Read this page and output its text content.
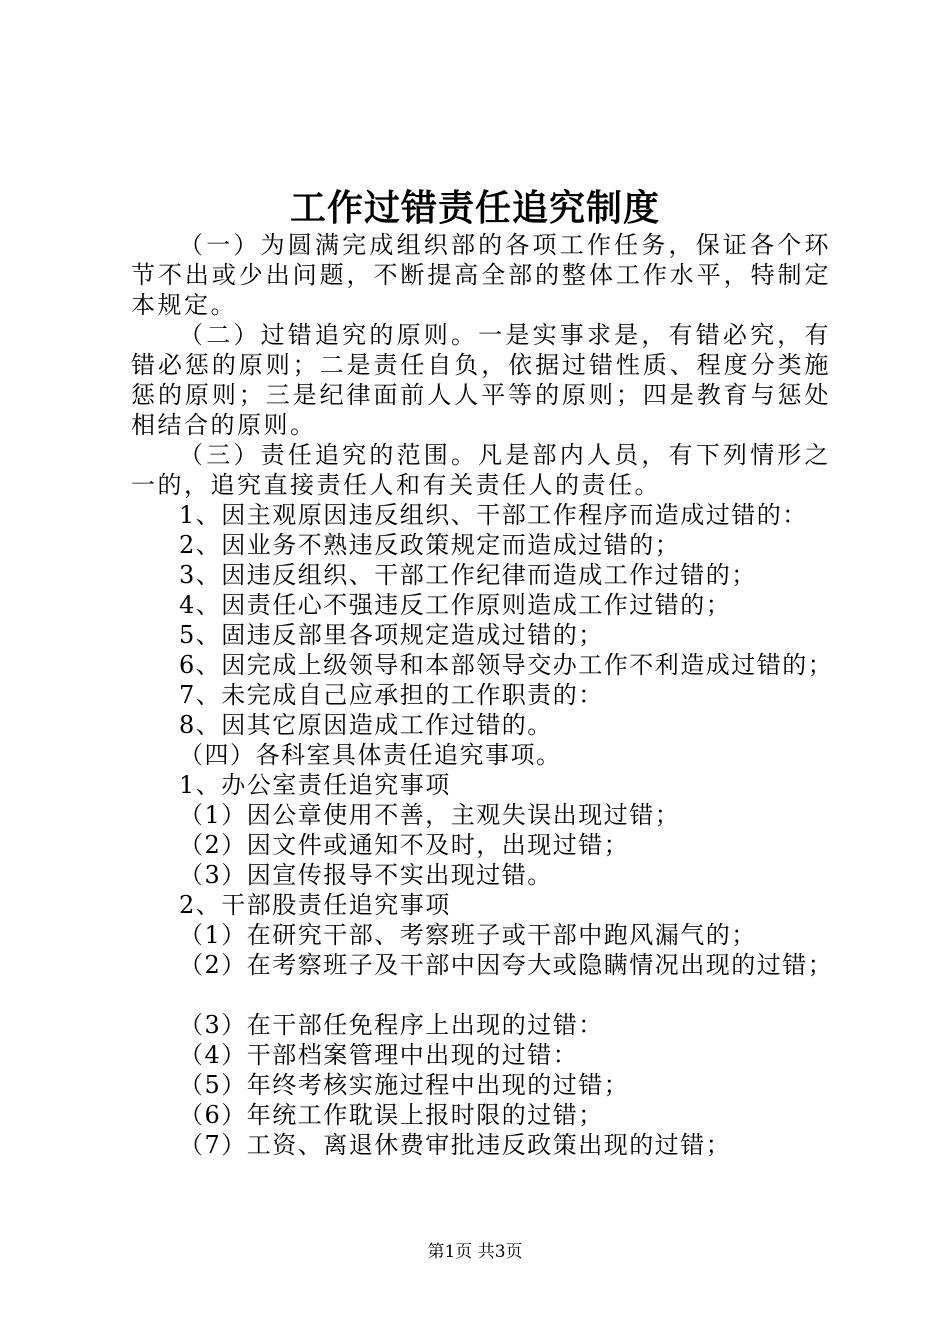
工作过错责任追究制度

（一）为圆满完成组织部的各项工作任务，保证各个环节不出或少出问题，不断提高全部的整体工作水平，特制定本规定。

（二）过错追究的原则。一是实事求是，有错必究，有错必惩的原则；二是责任自负，依据过错性质、程度分类施惩的原则；三是纪律面前人人平等的原则；四是教育与惩处相结合的原则。

（三）责任追究的范围。凡是部内人员，有下列情形之一的，追究直接责任人和有关责任人的责任。

1、因主观原因违反组织、干部工作程序而造成过错的：

2、因业务不熟违反政策规定而造成过错的；

3、因违反组织、干部工作纪律而造成工作过错的；

4、因责任心不强违反工作原则造成工作过错的；

5、固违反部里各项规定造成过错的；

6、因完成上级领导和本部领导交办工作不利造成过错的；

7、未完成自己应承担的工作职责的：

8、因其它原因造成工作过错的。

（四）各科室具体责任追究事项。

1、办公室责任追究事项

（1）因公章使用不善，主观失误出现过错；

（2）因文件或通知不及时，出现过错；

（3）因宣传报导不实出现过错。

2、干部股责任追究事项

（1）在研究干部、考察班子或干部中跑风漏气的；

（2）在考察班子及干部中因夸大或隐瞒情况出现的过错；

（3）在干部任免程序上出现的过错：

（4）干部档案管理中出现的过错：

（5）年终考核实施过程中出现的过错；

（6）年统工作耽误上报时限的过错；

（7）工资、离退休费审批违反政策出现的过错；

第1页 共3页
